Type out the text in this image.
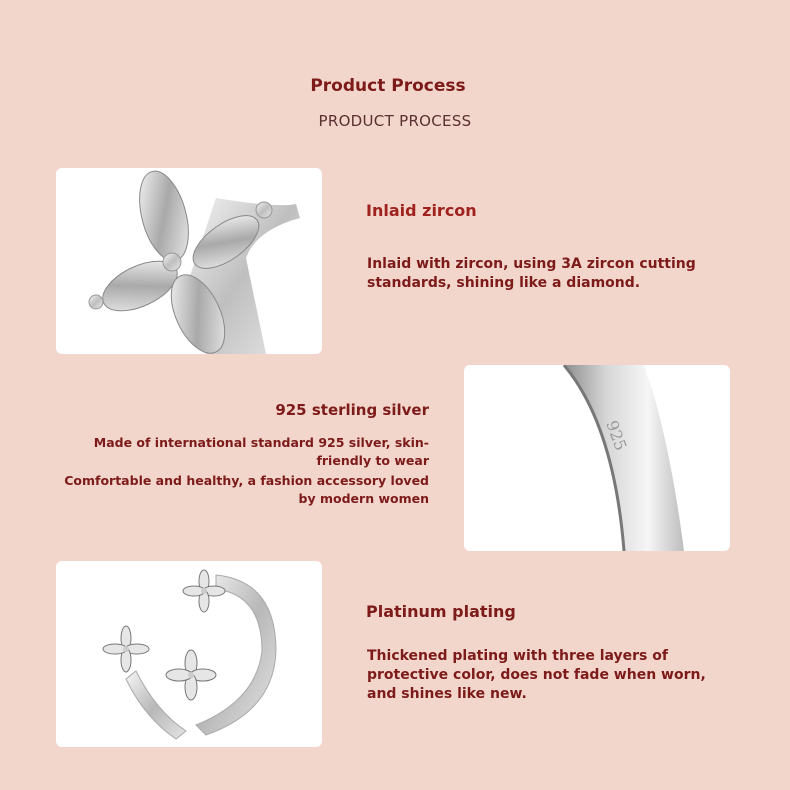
Product Process
PRODUCT PROCESS
Inlaid zircon
Inlaid with zircon, using 3A zircon cutting
standards, shining like a diamond.
925 sterling silver
Made of international standard 925 silver, skin-
friendly to wear
Comfortable and healthy, a fashion accessory loved
by modern women
925
Platinum plating
Thickened plating with three layers of
protective color, does not fade when worn,
and shines like new.
